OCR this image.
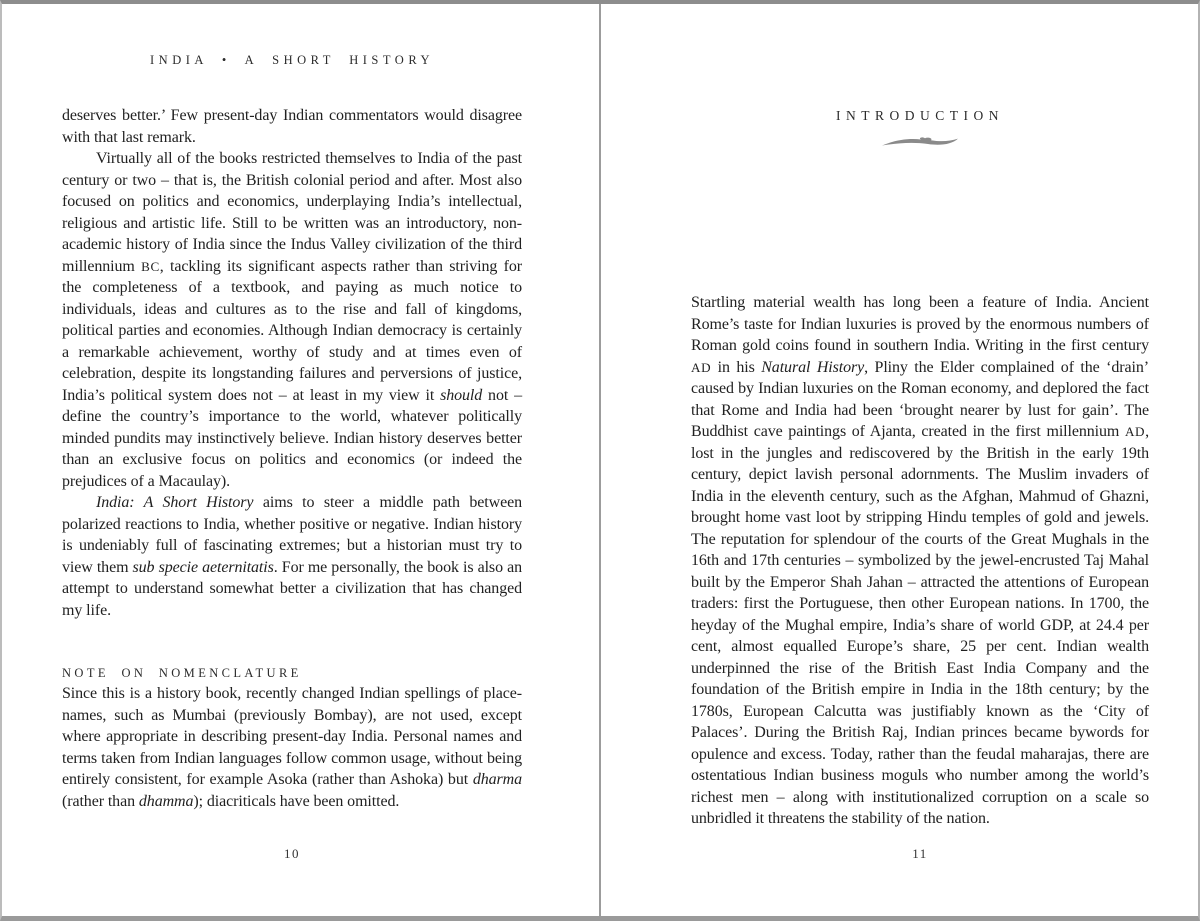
INDIA • A SHORT HISTORY

deserves better.’ Few present-day Indian commentators would disagree with that last remark.

Virtually all of the books restricted themselves to India of the past century or two – that is, the British colonial period and after. Most also focused on politics and economics, underplaying India’s intellectual, religious and artistic life. Still to be written was an introductory, non-academic history of India since the Indus Valley civilization of the third millennium BC, tackling its significant aspects rather than striving for the completeness of a textbook, and paying as much notice to individuals, ideas and cultures as to the rise and fall of kingdoms, political parties and economies. Although Indian democracy is certainly a remarkable achievement, worthy of study and at times even of celebration, despite its longstanding failures and perversions of justice, India’s political system does not – at least in my view it should not – define the country’s importance to the world, whatever politically minded pundits may instinctively believe. Indian history deserves better than an exclusive focus on politics and economics (or indeed the prejudices of a Macaulay).

India: A Short History aims to steer a middle path between polarized reactions to India, whether positive or negative. Indian history is undeniably full of fascinating extremes; but a historian must try to view them sub specie aeternitatis. For me personally, the book is also an attempt to understand somewhat better a civilization that has changed my life.

NOTE ON NOMENCLATURE

Since this is a history book, recently changed Indian spellings of place-names, such as Mumbai (previously Bombay), are not used, except where appropriate in describing present-day India. Personal names and terms taken from Indian languages follow common usage, without being entirely consistent, for example Asoka (rather than Ashoka) but dharma (rather than dhamma); diacriticals have been omitted.

10
INTRODUCTION

Startling material wealth has long been a feature of India. Ancient Rome’s taste for Indian luxuries is proved by the enormous numbers of Roman gold coins found in southern India. Writing in the first century AD in his Natural History, Pliny the Elder complained of the ‘drain’ caused by Indian luxuries on the Roman economy, and deplored the fact that Rome and India had been ‘brought nearer by lust for gain’. The Buddhist cave paintings of Ajanta, created in the first millennium AD, lost in the jungles and rediscovered by the British in the early 19th century, depict lavish personal adornments. The Muslim invaders of India in the eleventh century, such as the Afghan, Mahmud of Ghazni, brought home vast loot by stripping Hindu temples of gold and jewels. The reputation for splendour of the courts of the Great Mughals in the 16th and 17th centuries – symbolized by the jewel-encrusted Taj Mahal built by the Emperor Shah Jahan – attracted the attentions of European traders: first the Portuguese, then other European nations. In 1700, the heyday of the Mughal empire, India’s share of world GDP, at 24.4 per cent, almost equalled Europe’s share, 25 per cent. Indian wealth underpinned the rise of the British East India Company and the foundation of the British empire in India in the 18th century; by the 1780s, European Calcutta was justifiably known as the ‘City of Palaces’. During the British Raj, Indian princes became bywords for opulence and excess. Today, rather than the feudal maharajas, there are ostentatious Indian business moguls who number among the world’s richest men – along with institutionalized corruption on a scale so unbridled it threatens the stability of the nation.

11
